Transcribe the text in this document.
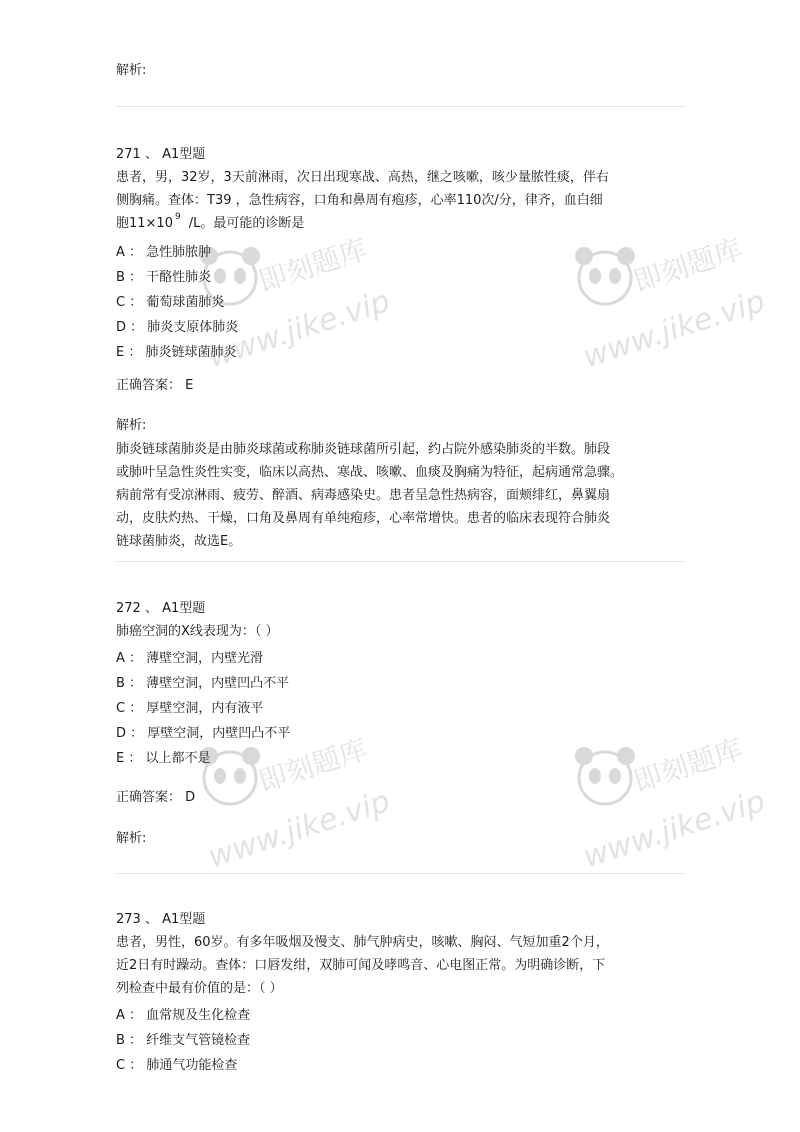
解析:
271 、 A1型题
患者，男，32岁，3天前淋雨，次日出现寒战、高热，继之咳嗽，咳少量脓性痰，伴右
侧胸痛。查体：T39 ，急性病容，口角和鼻周有疱疹，心率110次/分，律齐，血白细
胞11×10 $^9$ /L。最可能的诊断是
A ： 急性肺脓肿
B ： 干酪性肺炎
C ： 葡萄球菌肺炎
D ： 肺炎支原体肺炎
E ： 肺炎链球菌肺炎
正确答案： E
解析:
肺炎链球菌肺炎是由肺炎球菌或称肺炎链球菌所引起，约占院外感染肺炎的半数。肺段
或肺叶呈急性炎性实变，临床以高热、寒战、咳嗽、血痰及胸痛为特征，起病通常急骤。
病前常有受凉淋雨、疲劳、醉酒、病毒感染史。患者呈急性热病容，面颊绯红，鼻翼扇
动，皮肤灼热、干燥，口角及鼻周有单纯疱疹，心率常增快。患者的临床表现符合肺炎
链球菌肺炎，故选E。
272 、 A1型题
肺癌空洞的X线表现为：（ ）
A ： 薄壁空洞，内壁光滑
B ： 薄壁空洞，内壁凹凸不平
C ： 厚壁空洞，内有液平
D ： 厚壁空洞，内壁凹凸不平
E ： 以上都不是
正确答案： D
解析:
273 、 A1型题
患者，男性，60岁。有多年吸烟及慢支、肺气肿病史，咳嗽、胸闷、气短加重2个月，
近2日有时躁动。查体：口唇发绀，双肺可闻及哮鸣音、心电图正常。为明确诊断，下
列检查中最有价值的是：（ ）
A ： 血常规及生化检查
B ： 纤维支气管镜检查
C ： 肺通气功能检查
即刻题库
www.jike.vip
即刻题库
www.jike.vip
即刻题库
www.jike.vip
即刻题库
www.jike.vip
